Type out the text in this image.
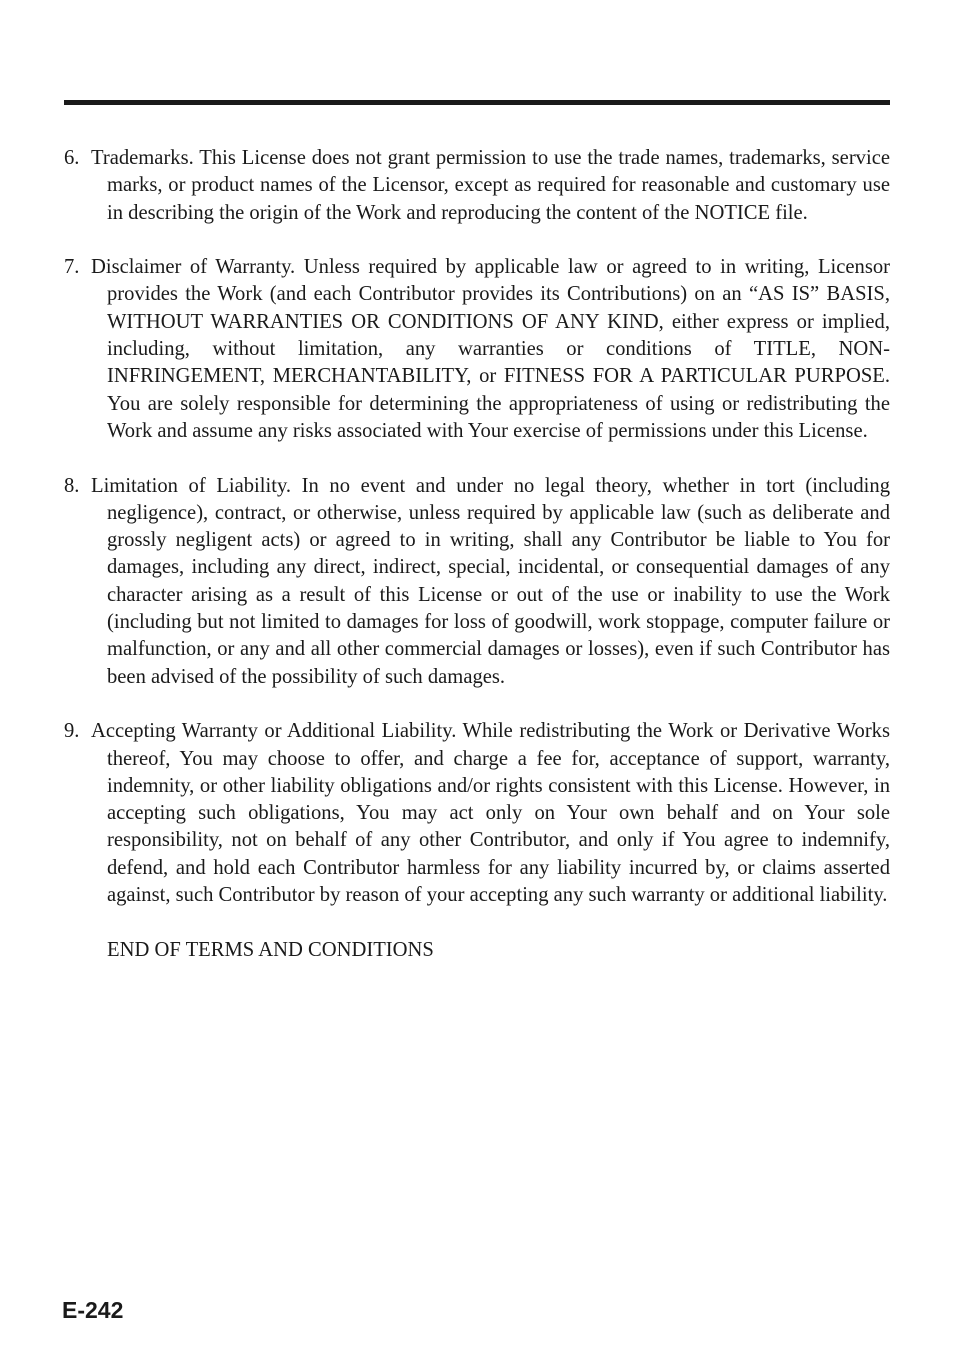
6. Trademarks. This License does not grant permission to use the trade names, trademarks, service marks, or product names of the Licensor, except as required for reasonable and customary use in describing the origin of the Work and reproducing the content of the NOTICE file.

7. Disclaimer of Warranty. Unless required by applicable law or agreed to in writing, Licensor provides the Work (and each Contributor provides its Contributions) on an “AS IS” BASIS, WITHOUT WARRANTIES OR CONDITIONS OF ANY KIND, either express or implied, including, without limitation, any warranties or conditions of TITLE, NON-INFRINGEMENT, MERCHANTABILITY, or FITNESS FOR A PARTICULAR PURPOSE. You are solely responsible for determining the appropriateness of using or redistributing the Work and assume any risks associated with Your exercise of permissions under this License.

8. Limitation of Liability. In no event and under no legal theory, whether in tort (including negligence), contract, or otherwise, unless required by applicable law (such as deliberate and grossly negligent acts) or agreed to in writing, shall any Contributor be liable to You for damages, including any direct, indirect, special, incidental, or consequential damages of any character arising as a result of this License or out of the use or inability to use the Work (including but not limited to damages for loss of goodwill, work stoppage, computer failure or malfunction, or any and all other commercial damages or losses), even if such Contributor has been advised of the possibility of such damages.

9. Accepting Warranty or Additional Liability. While redistributing the Work or Derivative Works thereof, You may choose to offer, and charge a fee for, acceptance of support, warranty, indemnity, or other liability obligations and/or rights consistent with this License. However, in accepting such obligations, You may act only on Your own behalf and on Your sole responsibility, not on behalf of any other Contributor, and only if You agree to indemnify, defend, and hold each Contributor harmless for any liability incurred by, or claims asserted against, such Contributor by reason of your accepting any such warranty or additional liability.

END OF TERMS AND CONDITIONS

E-242
